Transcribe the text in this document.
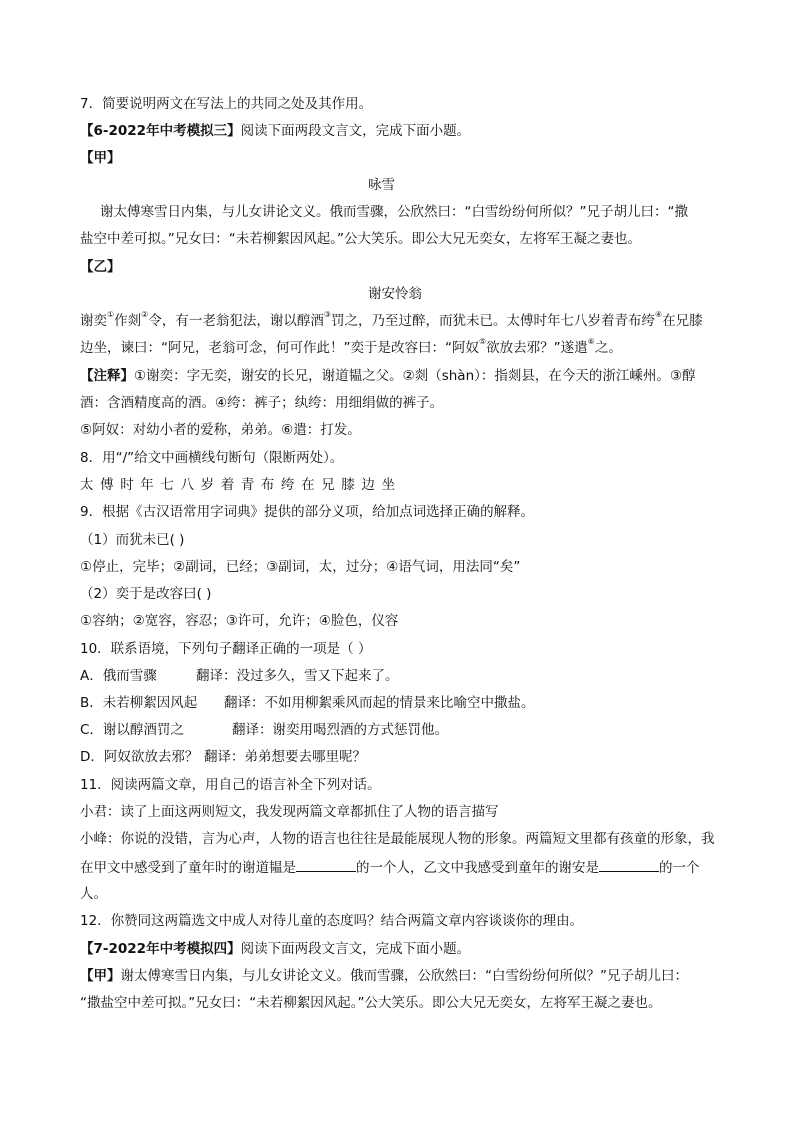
7．简要说明两文在写法上的共同之处及其作用。
【6-2022年中考模拟三】阅读下面两段文言文，完成下面小题。
【甲】
咏雪
谢太傅寒雪日内集，与儿女讲论文义。俄而雪骤，公欣然曰：“白雪纷纷何所似？”兄子胡儿曰：“撒
盐空中差可拟。”兄女曰：“未若柳絮因风起。”公大笑乐。即公大兄无奕女，左将军王凝之妻也。
【乙】
谢安怜翁
谢奕①作剡②令，有一老翁犯法，谢以醇酒③罚之，乃至过醉，而犹未已。太傅时年七八岁着青布绔④在兄膝
边坐，谏曰：“阿兄，老翁可念，何可作此！”奕于是改容曰：“阿奴⑤欲放去邪？”遂遣⑥之。
【注释】①谢奕：字无奕，谢安的长兄，谢道韫之父。②剡（shàn）：指剡县，在今天的浙江嵊州。③醇
酒：含酒精度高的酒。④绔：裤子；纨绔：用细绢做的裤子。
⑤阿奴：对幼小者的爱称，弟弟。⑥遣：打发。
8．用“/”给文中画横线句断句（限断两处）。
太傅时年七八岁着青布绔在兄膝边坐
9．根据《古汉语常用字词典》提供的部分义项，给加点词选择正确的解释。
（1）而犹未已( )
①停止，完毕；②副词，已经；③副词，太，过分；④语气词，用法同“矣”
（2）奕于是改容曰( )
①容纳；②宽容，容忍；③许可，允许；④脸色，仪容
10．联系语境，下列句子翻译正确的一项是（ ）
A．俄而雪骤	翻译：没过多久，雪又下起来了。
B．未若柳絮因风起 翻译：不如用柳絮乘风而起的情景来比喻空中撒盐。
C．谢以醇酒罚之	翻译：谢奕用喝烈酒的方式惩罚他。
D．阿奴欲放去邪？ 翻译：弟弟想要去哪里呢？
11．阅读两篇文章，用自己的语言补全下列对话。
小君：读了上面这两则短文，我发现两篇文章都抓住了人物的语言描写
小峰：你说的没错，言为心声，人物的语言也往往是最能展现人物的形象。两篇短文里都有孩童的形象，我
在甲文中感受到了童年时的谢道韫是	的一个人，乙文中我感受到童年的谢安是	的一个
人。
12．你赞同这两篇选文中成人对待儿童的态度吗？结合两篇文章内容谈谈你的理由。
【7-2022年中考模拟四】阅读下面两段文言文，完成下面小题。
【甲】谢太傅寒雪日内集，与儿女讲论文义。俄而雪骤，公欣然曰：“白雪纷纷何所似？”兄子胡儿曰：
“撒盐空中差可拟。”兄女曰：“未若柳絮因风起。”公大笑乐。即公大兄无奕女，左将军王凝之妻也。
